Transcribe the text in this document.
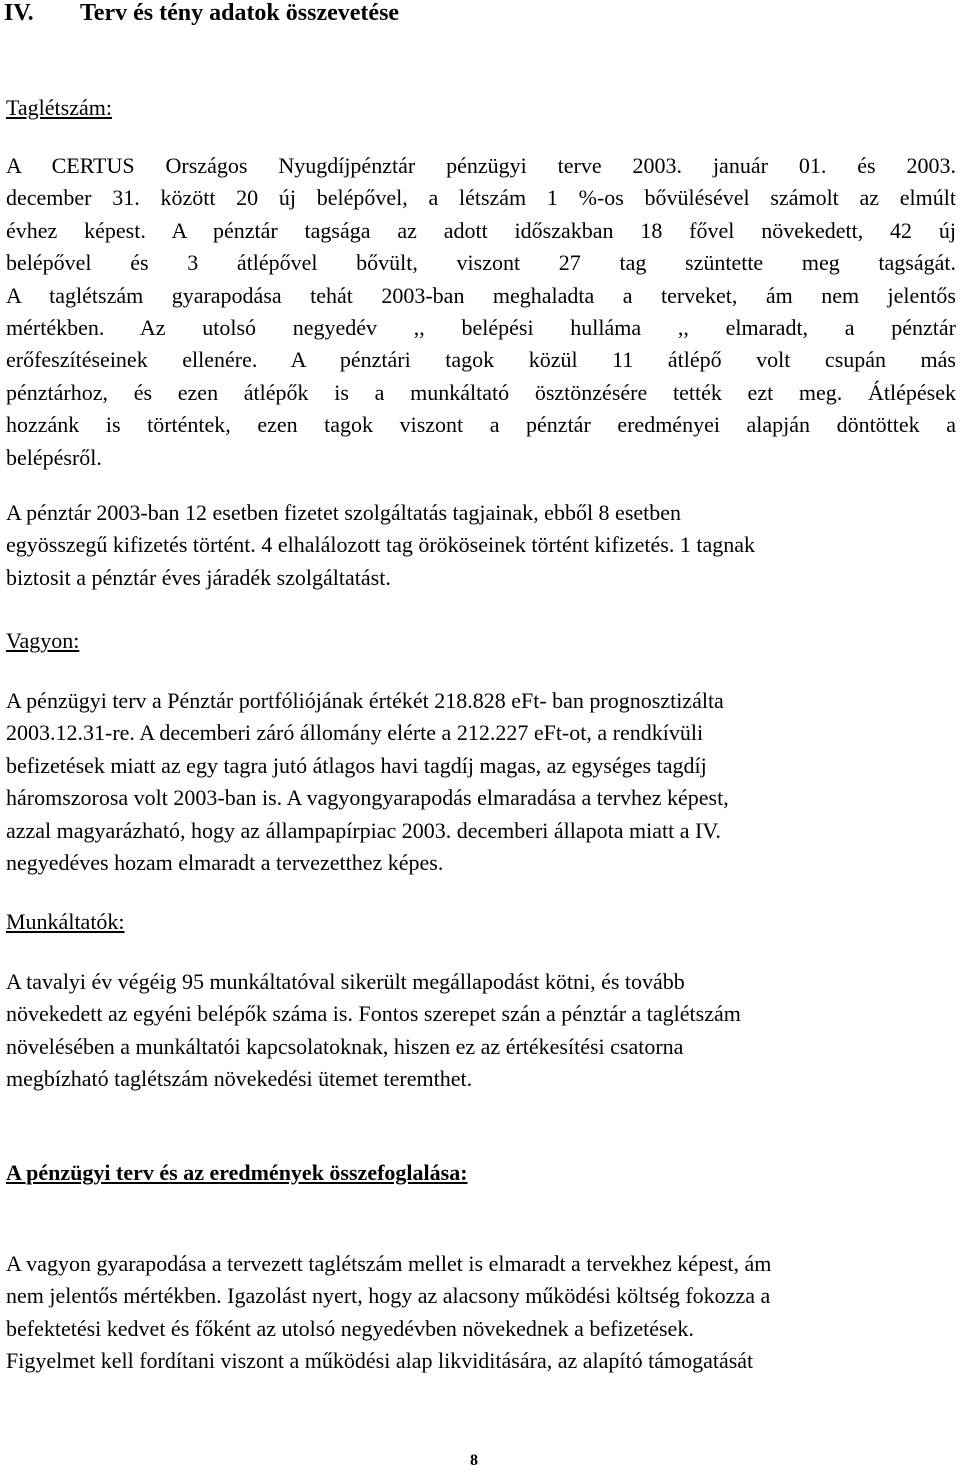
IV. Terv és tény adatok összevetése
Taglétszám:
A CERTUS Országos Nyugdíjpénztár pénzügyi terve 2003. január 01. és 2003.
december 31. között 20 új belépővel, a létszám 1 %-os bővülésével számolt az elmúlt
évhez képest. A pénztár tagsága az adott időszakban 18 fővel növekedett, 42 új
belépővel és 3 átlépővel bővült, viszont 27 tag szüntette meg tagságát.
A taglétszám gyarapodása tehát 2003-ban meghaladta a terveket, ám nem jelentős
mértékben. Az utolsó negyedév ,, belépési hulláma ,, elmaradt, a pénztár
erőfeszítéseinek ellenére. A pénztári tagok közül 11 átlépő volt csupán más
pénztárhoz, és ezen átlépők is a munkáltató ösztönzésére tették ezt meg. Átlépések
hozzánk is történtek, ezen tagok viszont a pénztár eredményei alapján döntöttek a
belépésről.
A pénztár 2003-ban 12 esetben fizetet szolgáltatás tagjainak, ebből 8 esetben
egyösszegű kifizetés történt. 4 elhalálozott tag örököseinek történt kifizetés. 1 tagnak
biztosit a pénztár éves járadék szolgáltatást.
Vagyon:
A pénzügyi terv a Pénztár portfóliójának értékét 218.828 eFt- ban prognosztizálta
2003.12.31-re. A decemberi záró állomány elérte a 212.227 eFt-ot, a rendkívüli
befizetések miatt az egy tagra jutó átlagos havi tagdíj magas, az egységes tagdíj
háromszorosa volt 2003-ban is. A vagyongyarapodás elmaradása a tervhez képest,
azzal magyarázható, hogy az állampapírpiac 2003. decemberi állapota miatt a IV.
negyedéves hozam elmaradt a tervezetthez képes.
Munkáltatók:
A tavalyi év végéig 95 munkáltatóval sikerült megállapodást kötni, és tovább
növekedett az egyéni belépők száma is. Fontos szerepet szán a pénztár a taglétszám
növelésében a munkáltatói kapcsolatoknak, hiszen ez az értékesítési csatorna
megbízható taglétszám növekedési ütemet teremthet.
A pénzügyi terv és az eredmények összefoglalása:
A vagyon gyarapodása a tervezett taglétszám mellet is elmaradt a tervekhez képest, ám
nem jelentős mértékben. Igazolást nyert, hogy az alacsony működési költség fokozza a
befektetési kedvet és főként az utolsó negyedévben növekednek a befizetések.
Figyelmet kell fordítani viszont a működési alap likviditására, az alapító támogatását
8
